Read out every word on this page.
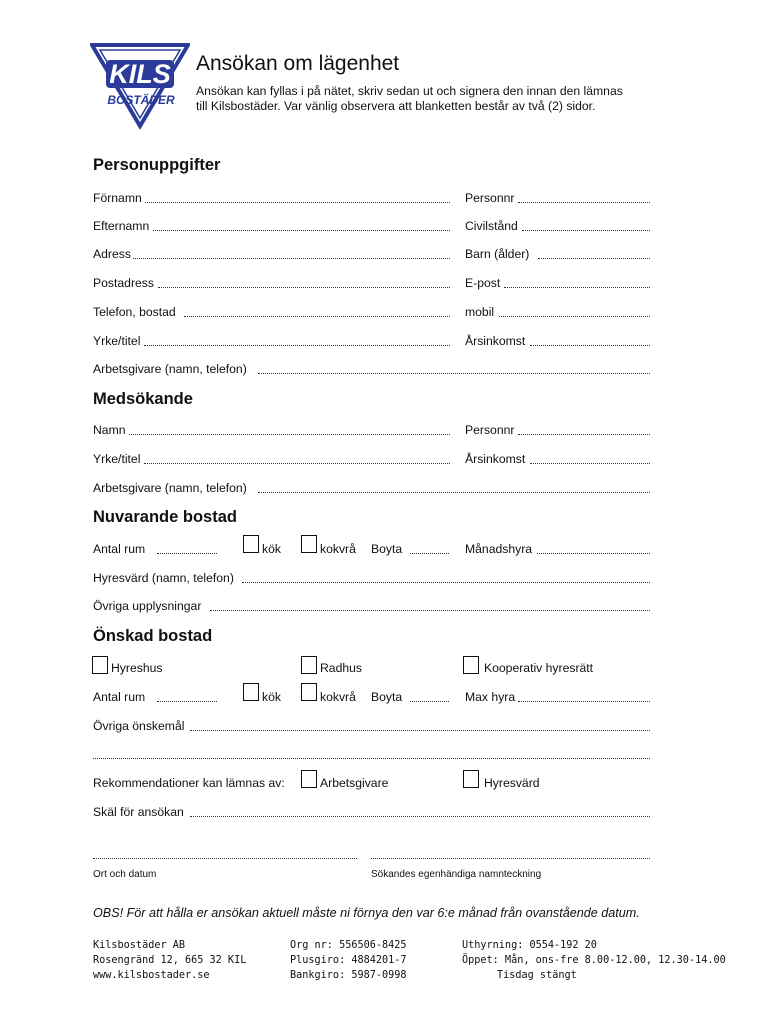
KILS
BOSTÄDER
Ansökan om lägenhet
Ansökan kan fyllas i på nätet, skriv sedan ut och signera den innan den lämnas
till Kilsbostäder. Var vänlig observera att blanketten består av två (2) sidor.
Personuppgifter
Förnamn	Personnr
Efternamn	Civilstånd
Adress	Barn (ålder)
Postadress	E-post
Telefon, bostad	mobil
Yrke/titel	Årsinkomst
Arbetsgivare (namn, telefon)
Medsökande
Namn	Personnr
Yrke/titel	Årsinkomst
Arbetsgivare (namn, telefon)
Nuvarande bostad
Antal rum	kök	kokvrå Boyta	Månadshyra
Hyresvärd (namn, telefon)
Övriga upplysningar
Önskad bostad
Hyreshus	Radhus	Kooperativ hyresrätt
Antal rum	kök	kokvrå Boyta	Max hyra
Övriga önskemål
Rekommendationer kan lämnas av:	Arbetsgivare	Hyresvärd
Skäl för ansökan
Ort och datum	Sökandes egenhändiga namnteckning
OBS! För att hålla er ansökan aktuell måste ni förnya den var 6:e månad från ovanstående datum.
Kilsbostäder AB
Rosengränd 12, 665 32 KIL
www.kilsbostader.se
Org nr: 556506-8425
Plusgiro: 4884201-7
Bankgiro: 5987-0998
Uthyrning: 0554-192 20
Öppet: Mån, ons-fre 8.00-12.00, 12.30-14.00
Tisdag stängt
